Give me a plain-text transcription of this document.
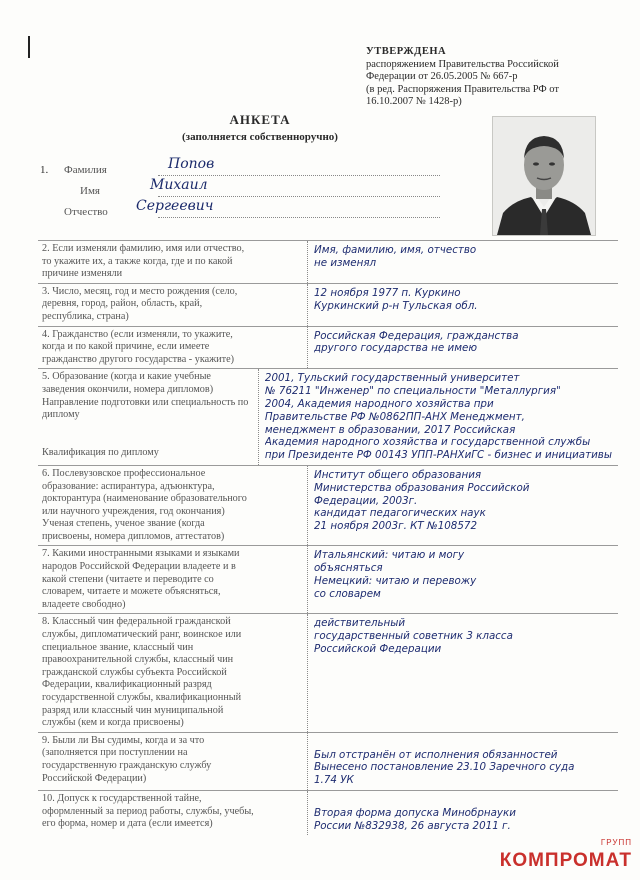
УТВЕРЖДЕНА
распоряжением Правительства Российской
Федерации от 26.05.2005 № 667-р
(в ред. Распоряжения Правительства РФ от
16.10.2007 № 1428-р)
АНКЕТА
(заполняется собственноручно)
1. Фамилия	Попов
Имя	Михаил
Отчество Сергеевич
2. Если изменяли фамилию, имя или отчество,
то укажите их, а также когда, где и по какой
причине изменяли
Имя, фамилию, имя, отчество
не изменял
3. Число, месяц, год и место рождения (село,
деревня, город, район, область, край,
республика, страна)
12 ноября 1977 п. Куркино
Куркинский р-н Тульская обл.
4. Гражданство (если изменяли, то укажите,
когда и по какой причине, если имеете
гражданство другого государства - укажите)
Российская Федерация, гражданства
другого государства не имею
5. Образование (когда и какие учебные
заведения окончили, номера дипломов)
Направление подготовки или специальность по
диплому
Квалификация по диплому
2001, Тульский государственный университет
№ 76211 "Инженер" по специальности "Металлургия"
2004, Академия народного хозяйства при
Правительстве РФ №0862ПП-АНХ Менеджмент,
менеджмент в образовании, 2017 Российская
Академия народного хозяйства и государственной службы
при Президенте РФ 00143 УПП-РАНХиГС - бизнес и инициативы
6. Послевузовское профессиональное
образование: аспирантура, адъюнктура,
докторантура (наименование образовательного
или научного учреждения, год окончания)
Ученая степень, ученое звание (когда
присвоены, номера дипломов, аттестатов)
Институт общего образования
Министерства образования Российской
Федерации, 2003г.
кандидат педагогических наук
21 ноября 2003г. КТ №108572
7. Какими иностранными языками и языками
народов Российской Федерации владеете и в
какой степени (читаете и переводите со
словарем, читаете и можете объясняться,
владеете свободно)
Итальянский: читаю и могу
объясняться
Немецкий: читаю и перевожу
со словарем
8. Классный чин федеральной гражданской
службы, дипломатический ранг, воинское или
специальное звание, классный чин
правоохранительной службы, классный чин
гражданской службы субъекта Российской
Федерации, квалификационный разряд
государственной службы, квалификационный
разряд или классный чин муниципальной
службы (кем и когда присвоены)
действительный
государственный советник 3 класса
Российской Федерации
9. Были ли Вы судимы, когда и за что
(заполняется при поступлении на
государственную гражданскую службу
Российской Федерации)
Был отстранён от исполнения обязанностей
Вынесено постановление 23.10 Заречного суда
1.74 УК
10. Допуск к государственной тайне,
оформленный за период работы, службы, учебы,
его форма, номер и дата (если имеется)
Вторая форма допуска Минобрнауки
России №832938, 26 августа 2011 г.
ГРУПП
КОМПРОМАТ
